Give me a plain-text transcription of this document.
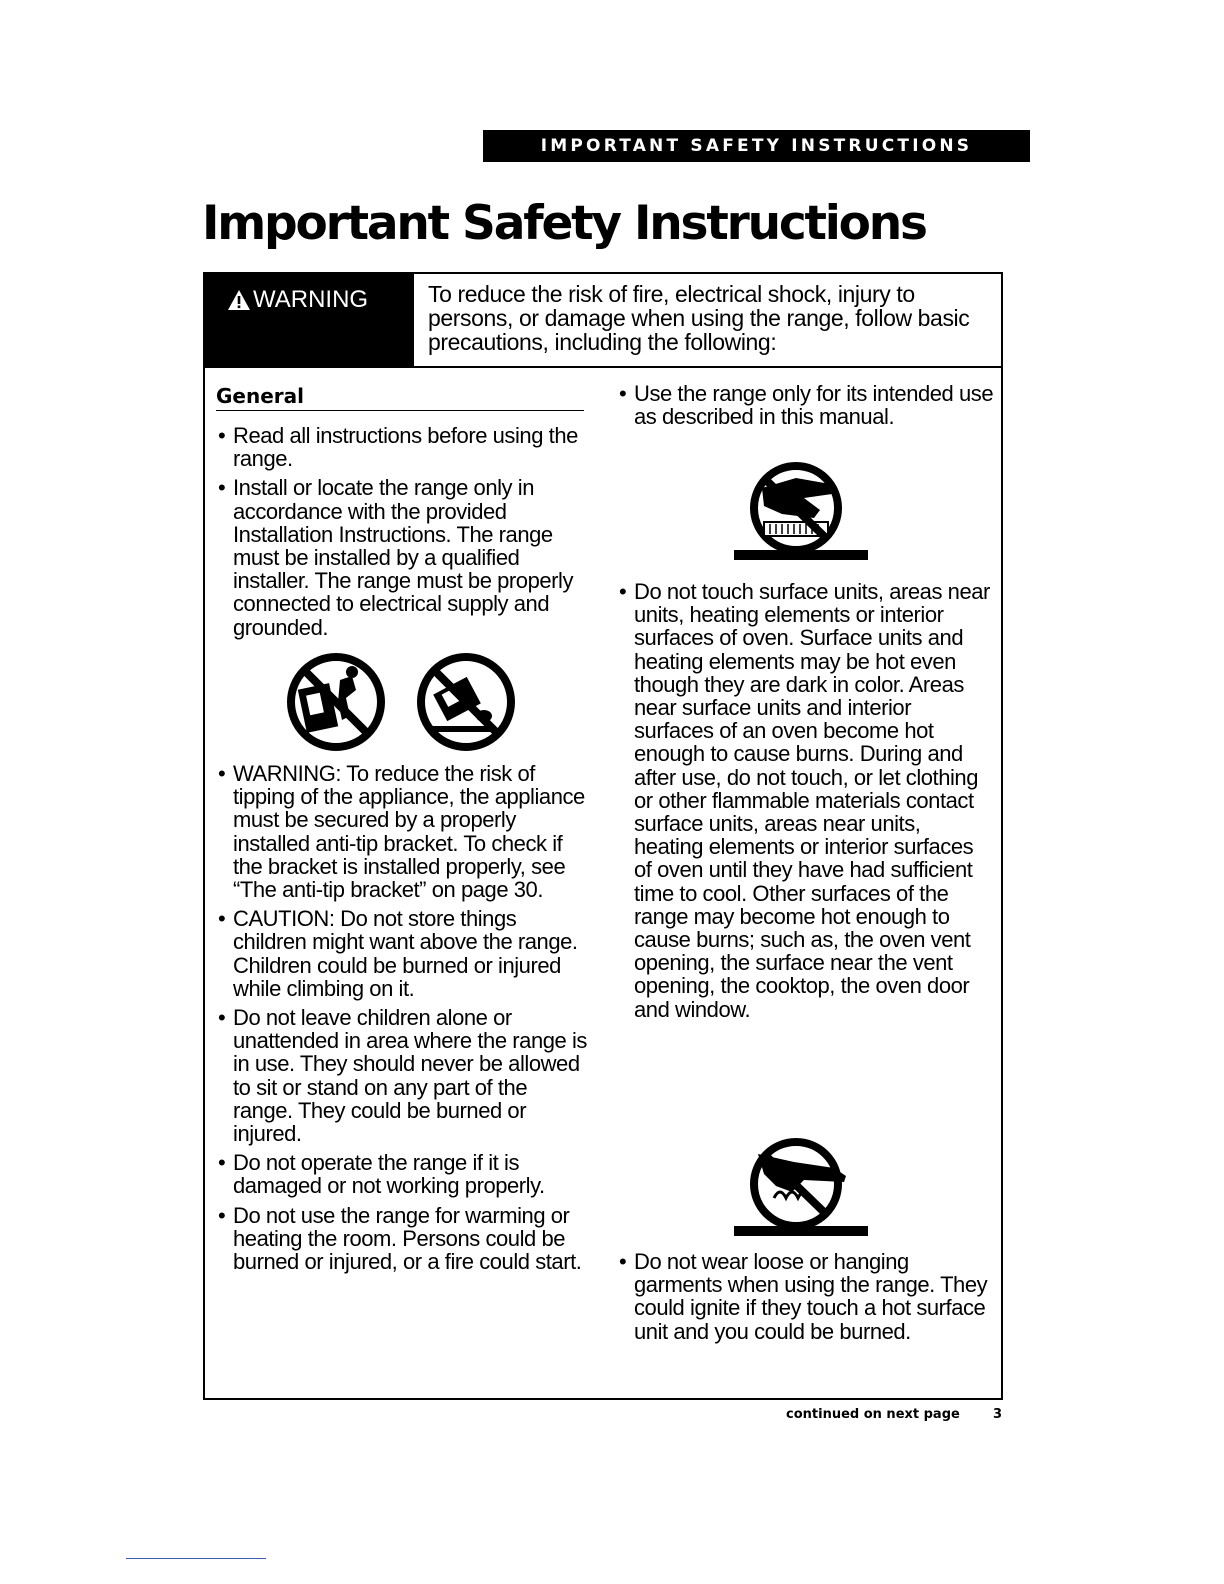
IMPORTANT SAFETY INSTRUCTIONS
Important Safety Instructions
WARNING	To reduce the risk of fire, electrical shock, injury to persons, or damage when using the range, follow basic precautions, including the following:
General

• Read all instructions before using the range.

• Install or locate the range only in accordance with the provided Installation Instructions. The range must be installed by a qualified installer. The range must be properly connected to electrical supply and grounded.

• WARNING: To reduce the risk of tipping of the appliance, the appliance must be secured by a properly installed anti-tip bracket. To check if the bracket is installed properly, see “The anti-tip bracket” on page 30.

• CAUTION: Do not store things children might want above the range. Children could be burned or injured while climbing on it.

• Do not leave children alone or unattended in area where the range is in use. They should never be allowed to sit or stand on any part of the range. They could be burned or injured.

• Do not operate the range if it is damaged or not working properly.

• Do not use the range for warming or heating the room. Persons could be burned or injured, or a fire could start.

• Use the range only for its intended use as described in this manual.

• Do not touch surface units, areas near units, heating elements or interior surfaces of oven. Surface units and heating elements may be hot even though they are dark in color. Areas near surface units and interior surfaces of an oven become hot enough to cause burns. During and after use, do not touch, or let clothing or other flammable materials contact surface units, areas near units, heating elements or interior surfaces of oven until they have had sufficient time to cool. Other surfaces of the range may become hot enough to cause burns; such as, the oven vent opening, the surface near the vent opening, the cooktop, the oven door and window.

• Do not wear loose or hanging garments when using the range. They could ignite if they touch a hot surface unit and you could be burned.

continued on next page	3
